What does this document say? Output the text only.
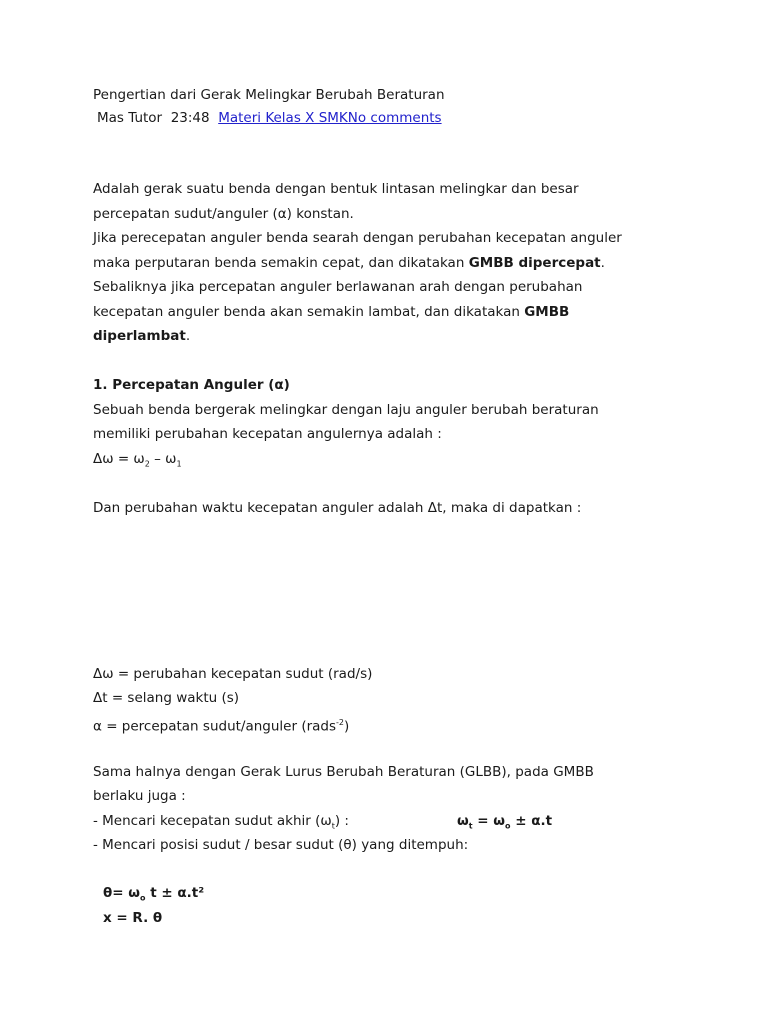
Pengertian dari Gerak Melingkar Berubah Beraturan
Mas Tutor 23:48 Materi Kelas X SMKNo comments
Adalah gerak suatu benda dengan bentuk lintasan melingkar dan besar
percepatan sudut/anguler (α) konstan.
Jika perecepatan anguler benda searah dengan perubahan kecepatan anguler
maka perputaran benda semakin cepat, dan dikatakan GMBB dipercepat.
Sebaliknya jika percepatan anguler berlawanan arah dengan perubahan
kecepatan anguler benda akan semakin lambat, dan dikatakan GMBB
diperlambat.
1. Percepatan Anguler (α)
Sebuah benda bergerak melingkar dengan laju anguler berubah beraturan
memiliki perubahan kecepatan angulernya adalah :
$\Delta\omega = \omega_2 - \omega_1$
Dan perubahan waktu kecepatan anguler adalah Δt, maka di dapatkan :
Δω = perubahan kecepatan sudut (rad/s)
Δt = selang waktu (s)
α = percepatan sudut/anguler (rads$^{-2}$)
Sama halnya dengan Gerak Lurus Berubah Beraturan (GLBB), pada GMBB
berlaku juga :
- Mencari kecepatan sudut akhir $(\omega_t)$ :	$\omega_t = \omega_o \pm \alpha.t$
- Mencari posisi sudut / besar sudut (θ) yang ditempuh:
$\theta= \omega_o$ t ± α.t²
x = R. θ
